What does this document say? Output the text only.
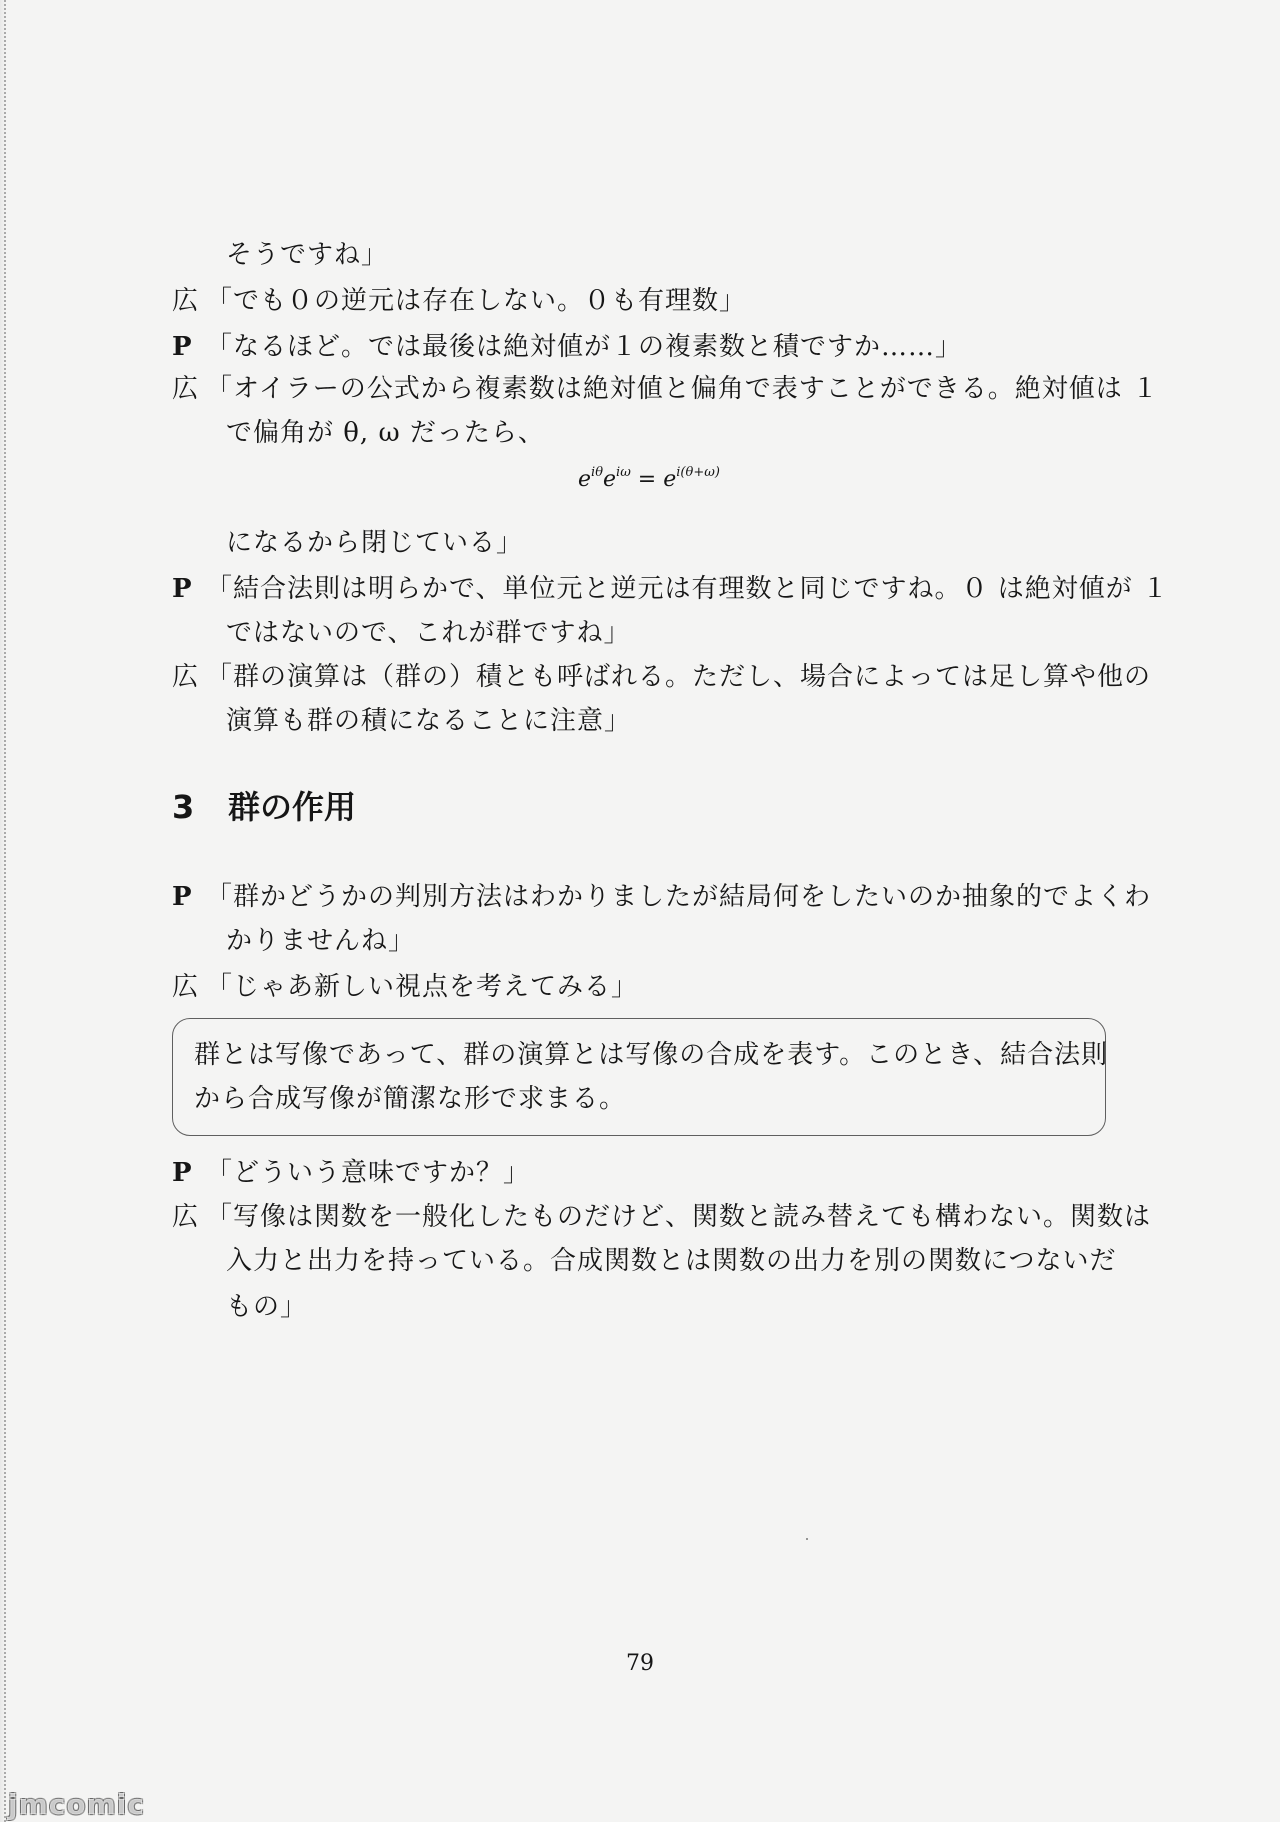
そうですね」
広 「でも０の逆元は存在しない。０も有理数」
P 「なるほど。では最後は絶対値が１の複素数と積ですか……」
広 「オイラーの公式から複素数は絶対値と偏角で表すことができる。絶対値は １
で偏角が θ, ω だったら、
$e^{i\theta}e^{i\omega} = e^{i(\theta+\omega)}$
になるから閉じている」
P 「結合法則は明らかで、単位元と逆元は有理数と同じですね。０ は絶対値が １
ではないので、これが群ですね」
広 「群の演算は（群の）積とも呼ばれる。ただし、場合によっては足し算や他の
演算も群の積になることに注意」
3 群の作用
P 「群かどうかの判別方法はわかりましたが結局何をしたいのか抽象的でよくわ
かりませんね」
広 「じゃあ新しい視点を考えてみる」
群とは写像であって、群の演算とは写像の合成を表す。このとき、結合法則
から合成写像が簡潔な形で求まる。
P 「どういう意味ですか？」
広 「写像は関数を一般化したものだけど、関数と読み替えても構わない。関数は
入力と出力を持っている。合成関数とは関数の出力を別の関数につないだ
もの」
79
jmcomic
